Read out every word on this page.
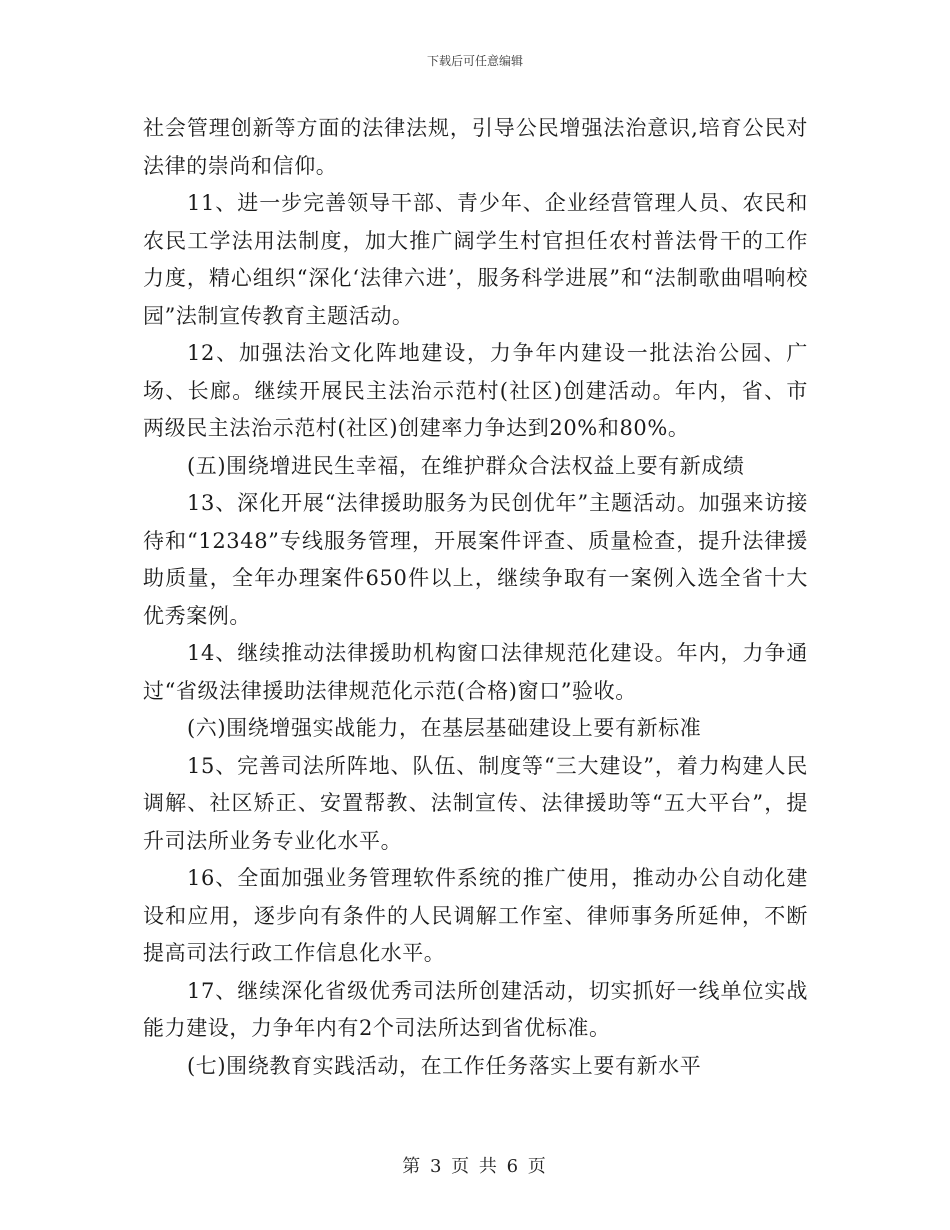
下载后可任意编辑

社会管理创新等方面的法律法规，引导公民增强法治意识,培育公民对法律的崇尚和信仰。

11、进一步完善领导干部、青少年、企业经营管理人员、农民和农民工学法用法制度，加大推广阔学生村官担任农村普法骨干的工作力度，精心组织“深化‘法律六进’，服务科学进展”和“法制歌曲唱响校园”法制宣传教育主题活动。

12、加强法治文化阵地建设，力争年内建设一批法治公园、广场、长廊。继续开展民主法治示范村(社区)创建活动。年内，省、市两级民主法治示范村(社区)创建率力争达到20%和80%。

(五)围绕增进民生幸福，在维护群众合法权益上要有新成绩

13、深化开展“法律援助服务为民创优年”主题活动。加强来访接待和“12348”专线服务管理，开展案件评查、质量检查，提升法律援助质量，全年办理案件650件以上，继续争取有一案例入选全省十大优秀案例。

14、继续推动法律援助机构窗口法律规范化建设。年内，力争通过“省级法律援助法律规范化示范(合格)窗口”验收。

(六)围绕增强实战能力，在基层基础建设上要有新标准

15、完善司法所阵地、队伍、制度等“三大建设”，着力构建人民调解、社区矫正、安置帮教、法制宣传、法律援助等“五大平台”，提升司法所业务专业化水平。

16、全面加强业务管理软件系统的推广使用，推动办公自动化建设和应用，逐步向有条件的人民调解工作室、律师事务所延伸，不断提高司法行政工作信息化水平。

17、继续深化省级优秀司法所创建活动，切实抓好一线单位实战能力建设，力争年内有2个司法所达到省优标准。

(七)围绕教育实践活动，在工作任务落实上要有新水平

第 3 页 共 6 页
